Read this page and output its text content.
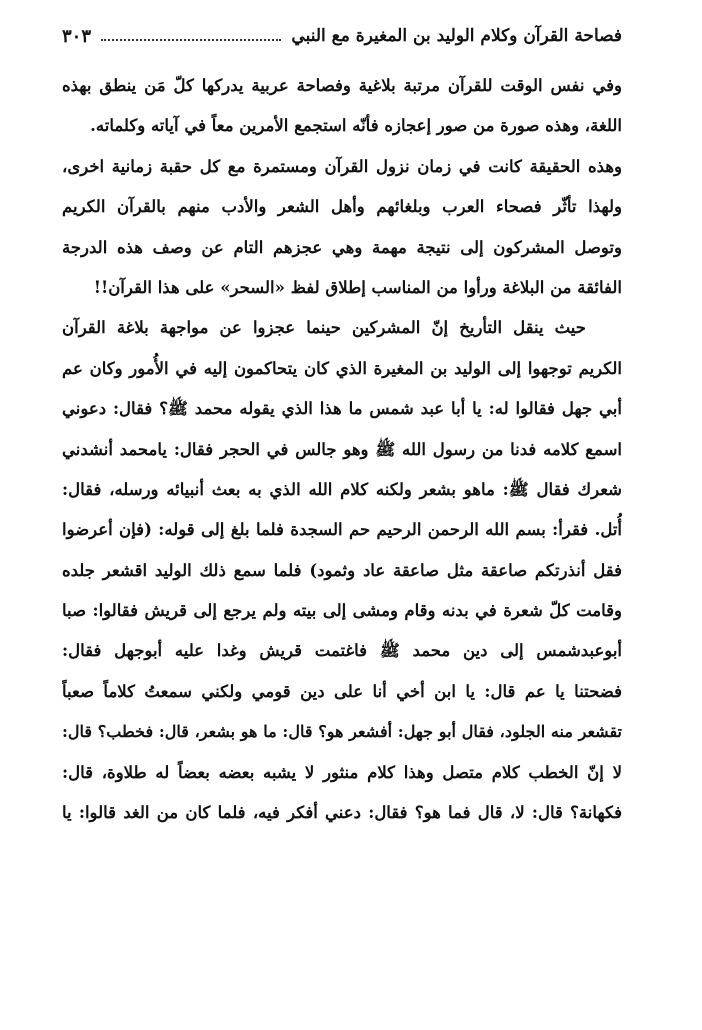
فصاحة القرآن وكلام الوليد بن المغيرة مع النبي
٣٠٣
وفي نفس الوقت للقرآن مرتبة بلاغية وفصاحة عربية يدركها كلّ مَن ينطق بهذه
اللغة، وهذه صورة من صور إعجازه فأنّه استجمع الأمرين معاً في آياته وكلماته.
وهذه الحقيقة كانت في زمان نزول القرآن ومستمرة مع كل حقبة زمانية اخرى،
ولهذا تأثّر فصحاء العرب وبلغائهم وأهل الشعر والأدب منهم بالقرآن الكريم
وتوصل المشركون إلى نتيجة مهمة وهي عجزهم التام عن وصف هذه الدرجة
الفائقة من البلاغة ورأوا من المناسب إطلاق لفظ «السحر» على هذا القرآن!!
حيث ينقل التأريخ إنّ المشركين حينما عجزوا عن مواجهة بلاغة القرآن
الكريم توجهوا إلى الوليد بن المغيرة الذي كان يتحاكمون إليه في الأُمور وكان عم
أبي جهل فقالوا له: يا أبا عبد شمس ما هذا الذي يقوله محمد ﷺ؟ فقال: دعوني
اسمع كلامه فدنا من رسول الله ﷺ وهو جالس في الحجر فقال: يامحمد أنشدني
شعرك فقال ﷺ: ماهو بشعر ولكنه كلام الله الذي به بعث أنبيائه ورسله، فقال:
أُتل. فقرأ: بسم الله الرحمن الرحيم حم السجدة فلما بلغ إلى قوله: (فإن أعرضوا
فقل أنذرتكم صاعقة مثل صاعقة عاد وثمود) فلما سمع ذلك الوليد اقشعر جلده
وقامت كلّ شعرة في بدنه وقام ومشى إلى بيته ولم يرجع إلى قريش فقالوا: صبا
أبوعبدشمس إلى دين محمد ﷺ فاغتمت قريش وغدا عليه أبوجهل فقال:
فضحتنا يا عم قال: يا ابن أخي أنا على دين قومي ولكني سمعتُ كلاماً صعباً
تقشعر منه الجلود، فقال أبو جهل: أفشعر هو؟ قال: ما هو بشعر، قال: فخطب؟ قال:
لا إنّ الخطب كلام متصل وهذا كلام منثور لا يشبه بعضه بعضاً له طلاوة، قال:
فكهانة؟ قال: لا، قال فما هو؟ فقال: دعني أفكر فيه، فلما كان من الغد قالوا: يا
